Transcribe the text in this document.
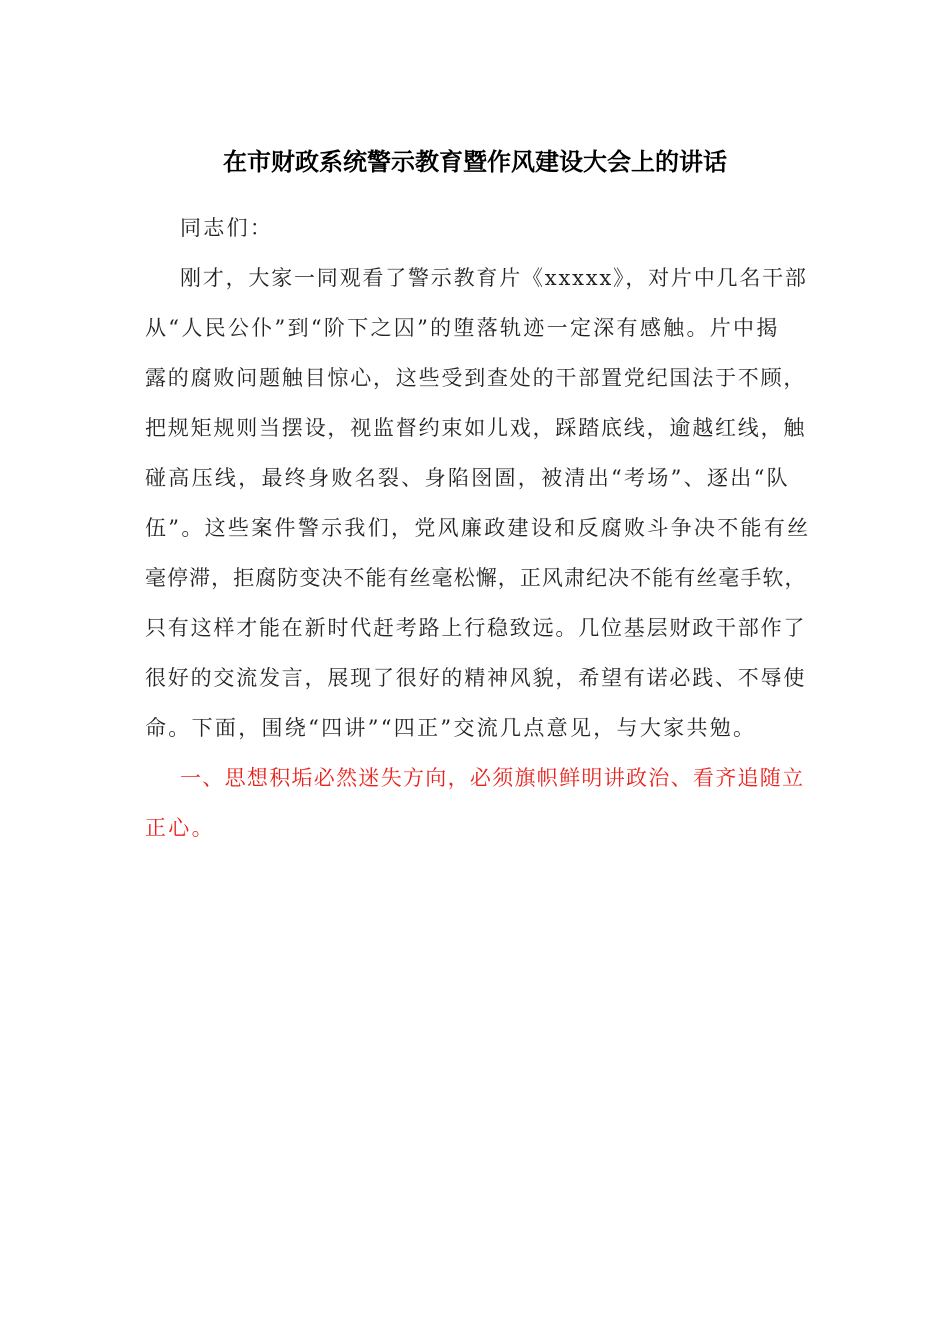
在市财政系统警示教育暨作风建设大会上的讲话
同志们：
刚才，大家一同观看了警示教育片《xxxxx》，对片中几名干部
从“人民公仆”到“阶下之囚”的堕落轨迹一定深有感触。片中揭
露的腐败问题触目惊心，这些受到查处的干部置党纪国法于不顾，
把规矩规则当摆设，视监督约束如儿戏，踩踏底线，逾越红线，触
碰高压线，最终身败名裂、身陷囹圄，被清出“考场”、逐出“队
伍”。这些案件警示我们，党风廉政建设和反腐败斗争决不能有丝
毫停滞，拒腐防变决不能有丝毫松懈，正风肃纪决不能有丝毫手软，
只有这样才能在新时代赶考路上行稳致远。几位基层财政干部作了
很好的交流发言，展现了很好的精神风貌，希望有诺必践、不辱使
命。下面，围绕“四讲”“四正”交流几点意见，与大家共勉。
一、思想积垢必然迷失方向，必须旗帜鲜明讲政治、看齐追随立
正心。
